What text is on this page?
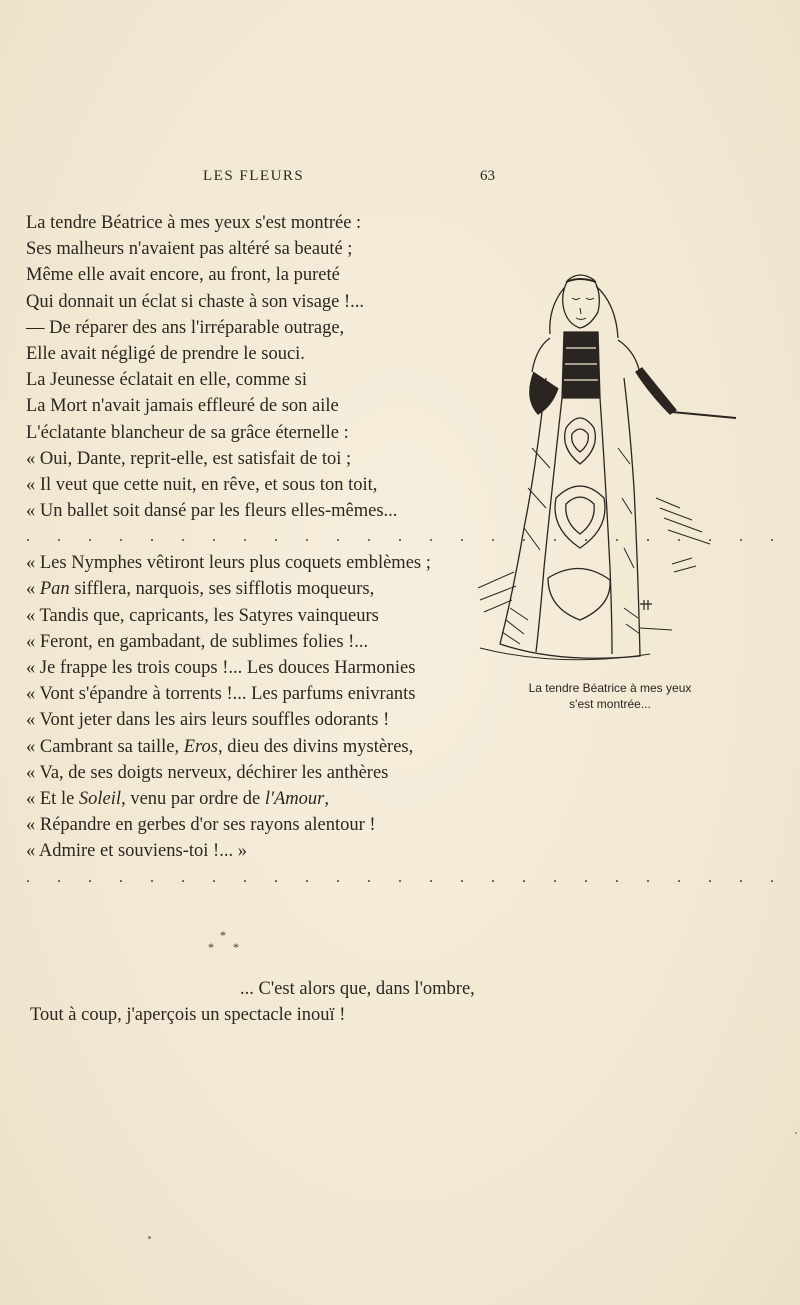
LES FLEURS	63
La tendre Béatrice à mes yeux s'est montrée :
Ses malheurs n'avaient pas altéré sa beauté ;
Même elle avait encore, au front, la pureté
Qui donnait un éclat si chaste à son visage !...
— De réparer des ans l'irréparable outrage,
Elle avait négligé de prendre le souci.
La Jeunesse éclatait en elle, comme si
La Mort n'avait jamais effleuré de son aile
L'éclatante blancheur de sa grâce éternelle :
« Oui, Dante, reprit-elle, est satisfait de toi ;
« Il veut que cette nuit, en rêve, et sous ton toit,
« Un ballet soit dansé par les fleurs elles-mêmes...
. . . . . . . . . . . . . . . . . . . . . . . . .
« Les Nymphes vêtiront leurs plus coquets emblèmes ;
« Pan sifflera, narquois, ses sifflotis moqueurs,
« Tandis que, capricants, les Satyres vainqueurs
« Feront, en gambadant, de sublimes folies !...
« Je frappe les trois coups !... Les douces Harmonies
« Vont s'épandre à torrents !... Les parfums enivrants
« Vont jeter dans les airs leurs souffles odorants !
« Cambrant sa taille, Eros, dieu des divins mystères,
« Va, de ses doigts nerveux, déchirer les anthères
« Et le Soleil, venu par ordre de l'Amour,
« Répandre en gerbes d'or ses rayons alentour !
« Admire et souviens-toi !... »
. . . . . . . . . . . . . . . . . . . . . . . . .
La tendre Béatrice à mes yeux
s'est montrée...
*
* *
... C'est alors que, dans l'ombre,
Tout à coup, j'aperçois un spectacle inouï !
